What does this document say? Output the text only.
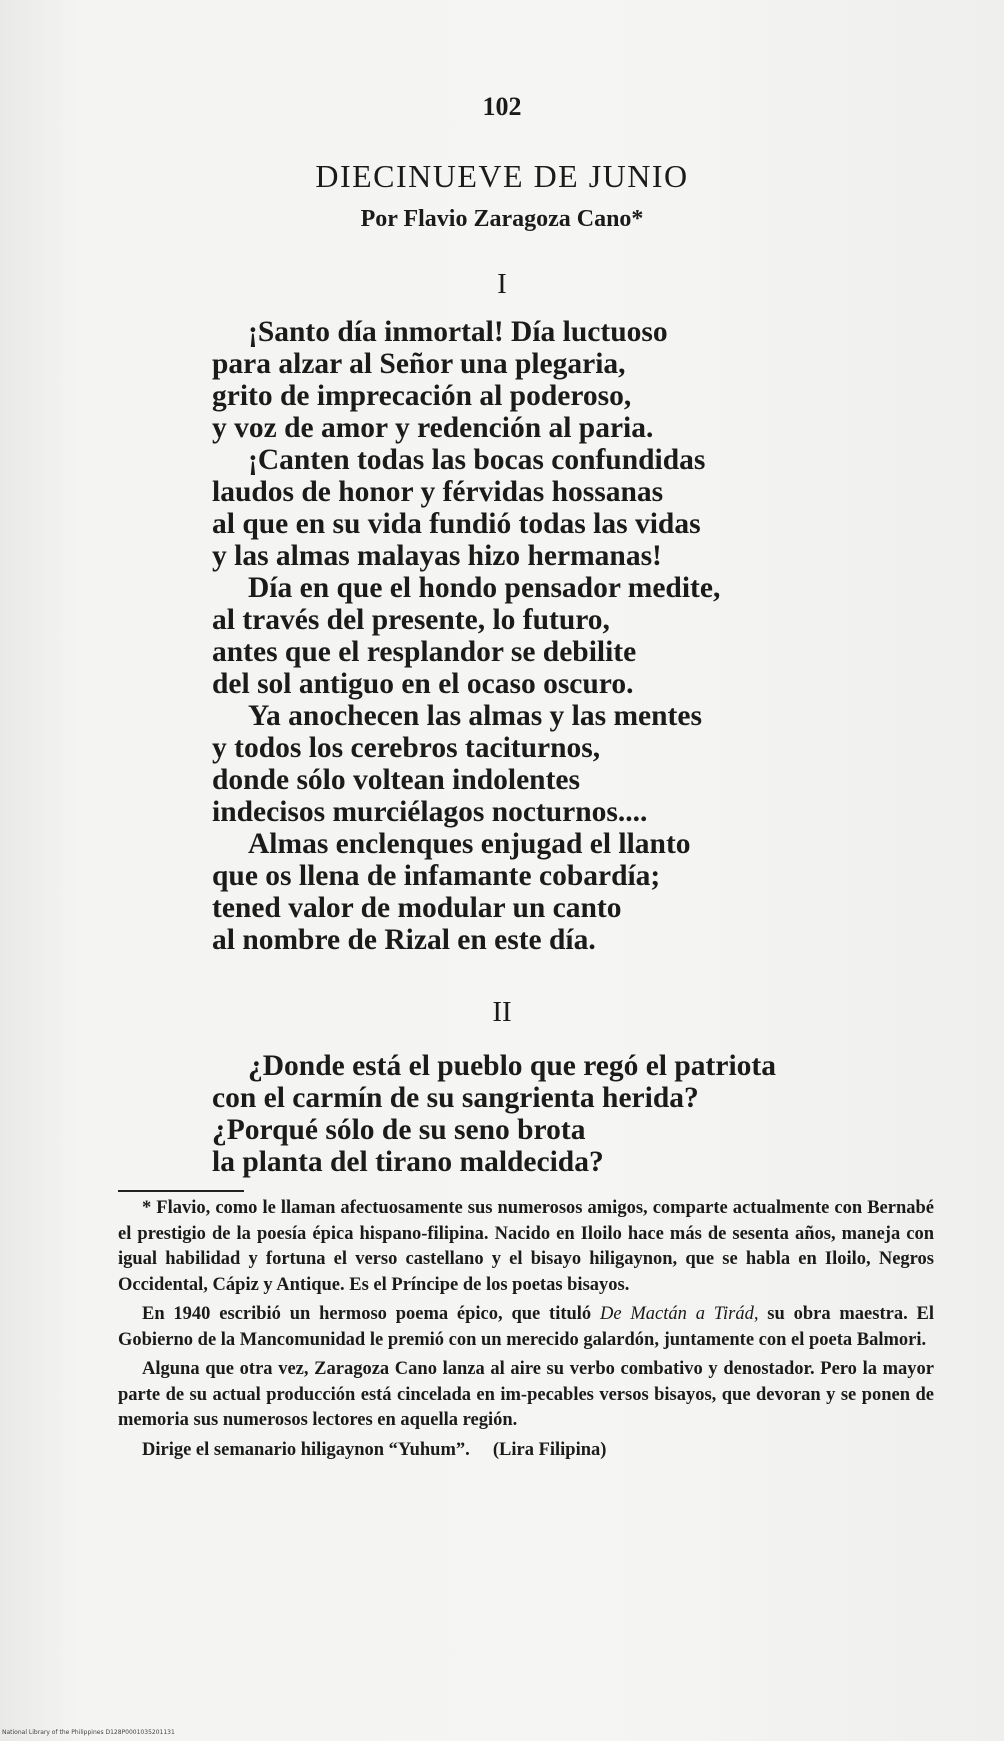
102
DIECINUEVE DE JUNIO
Por Flavio Zaragoza Cano*
I
¡Santo día inmortal! Día luctuoso
para alzar al Señor una plegaria,
grito de imprecación al poderoso,
y voz de amor y redención al paria.
¡Canten todas las bocas confundidas
laudos de honor y férvidas hossanas
al que en su vida fundió todas las vidas
y las almas malayas hizo hermanas!
Día en que el hondo pensador medite,
al través del presente, lo futuro,
antes que el resplandor se debilite
del sol antiguo en el ocaso oscuro.
Ya anochecen las almas y las mentes
y todos los cerebros taciturnos,
donde sólo voltean indolentes
indecisos murciélagos nocturnos....
Almas enclenques enjugad el llanto
que os llena de infamante cobardía;
tened valor de modular un canto
al nombre de Rizal en este día.
II
¿Donde está el pueblo que regó el patriota
con el carmín de su sangrienta herida?
¿Porqué sólo de su seno brota
la planta del tirano maldecida?

* Flavio, como le llaman afectuosamente sus numerosos amigos, comparte actualmente con Bernabé el prestigio de la poesía épica hispano-filipina. Nacido en Iloilo hace más de sesenta años, maneja con igual habilidad y fortuna el verso castellano y el bisayo hiligaynon, que se habla en Iloilo, Negros Occidental, Cápiz y Antique. Es el Príncipe de los poetas bisayos.

En 1940 escribió un hermoso poema épico, que tituló De Mactán a Tirád, su obra maestra. El Gobierno de la Mancomunidad le premió con un merecido galardón, juntamente con el poeta Balmori.

Alguna que otra vez, Zaragoza Cano lanza al aire su verbo combativo y denostador. Pero la mayor parte de su actual producción está cincelada en im-pecables versos bisayos, que devoran y se ponen de memoria sus numerosos lectores en aquella región.

Dirige el semanario hiligaynon “Yuhum”. (Lira Filipina)

National Library of the Philippines D128P0001035201131
